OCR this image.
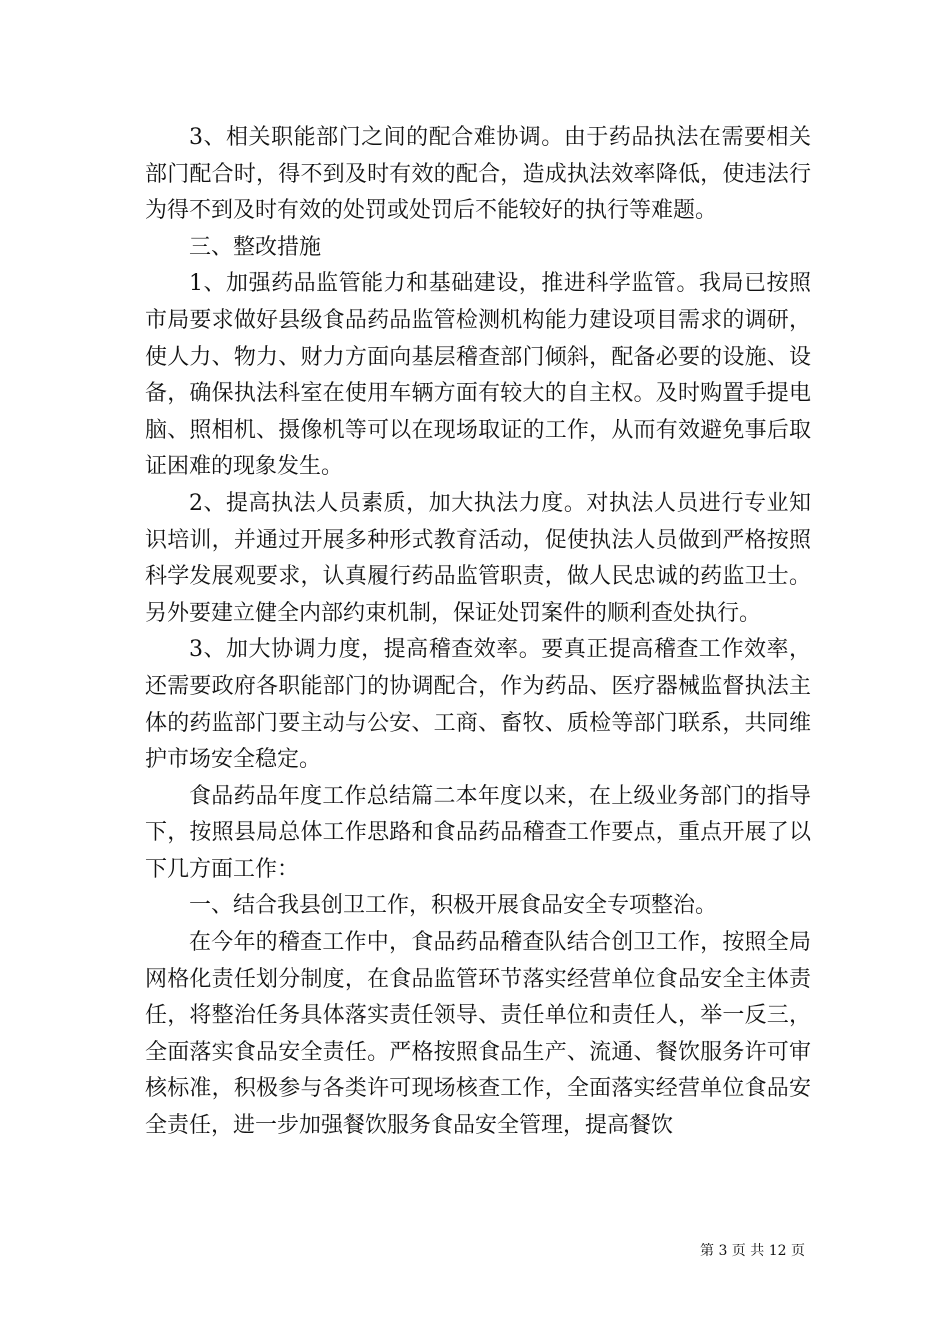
3、相关职能部门之间的配合难协调。由于药品执法在需要相关部门配合时，得不到及时有效的配合，造成执法效率降低，使违法行为得不到及时有效的处罚或处罚后不能较好的执行等难题。

三、整改措施

1、加强药品监管能力和基础建设，推进科学监管。我局已按照市局要求做好县级食品药品监管检测机构能力建设项目需求的调研，使人力、物力、财力方面向基层稽查部门倾斜，配备必要的设施、设备，确保执法科室在使用车辆方面有较大的自主权。及时购置手提电脑、照相机、摄像机等可以在现场取证的工作，从而有效避免事后取证困难的现象发生。

2、提高执法人员素质，加大执法力度。对执法人员进行专业知识培训，并通过开展多种形式教育活动，促使执法人员做到严格按照科学发展观要求，认真履行药品监管职责，做人民忠诚的药监卫士。另外要建立健全内部约束机制，保证处罚案件的顺利查处执行。

3、加大协调力度，提高稽查效率。要真正提高稽查工作效率，还需要政府各职能部门的协调配合，作为药品、医疗器械监督执法主体的药监部门要主动与公安、工商、畜牧、质检等部门联系，共同维护市场安全稳定。

食品药品年度工作总结篇二本年度以来，在上级业务部门的指导下，按照县局总体工作思路和食品药品稽查工作要点，重点开展了以下几方面工作：

一、结合我县创卫工作，积极开展食品安全专项整治。

在今年的稽查工作中，食品药品稽查队结合创卫工作，按照全局网格化责任划分制度，在食品监管环节落实经营单位食品安全主体责任，将整治任务具体落实责任领导、责任单位和责任人，举一反三，全面落实食品安全责任。严格按照食品生产、流通、餐饮服务许可审核标准，积极参与各类许可现场核查工作，全面落实经营单位食品安全责任，进一步加强餐饮服务食品安全管理，提高餐饮

第 3 页 共 12 页
